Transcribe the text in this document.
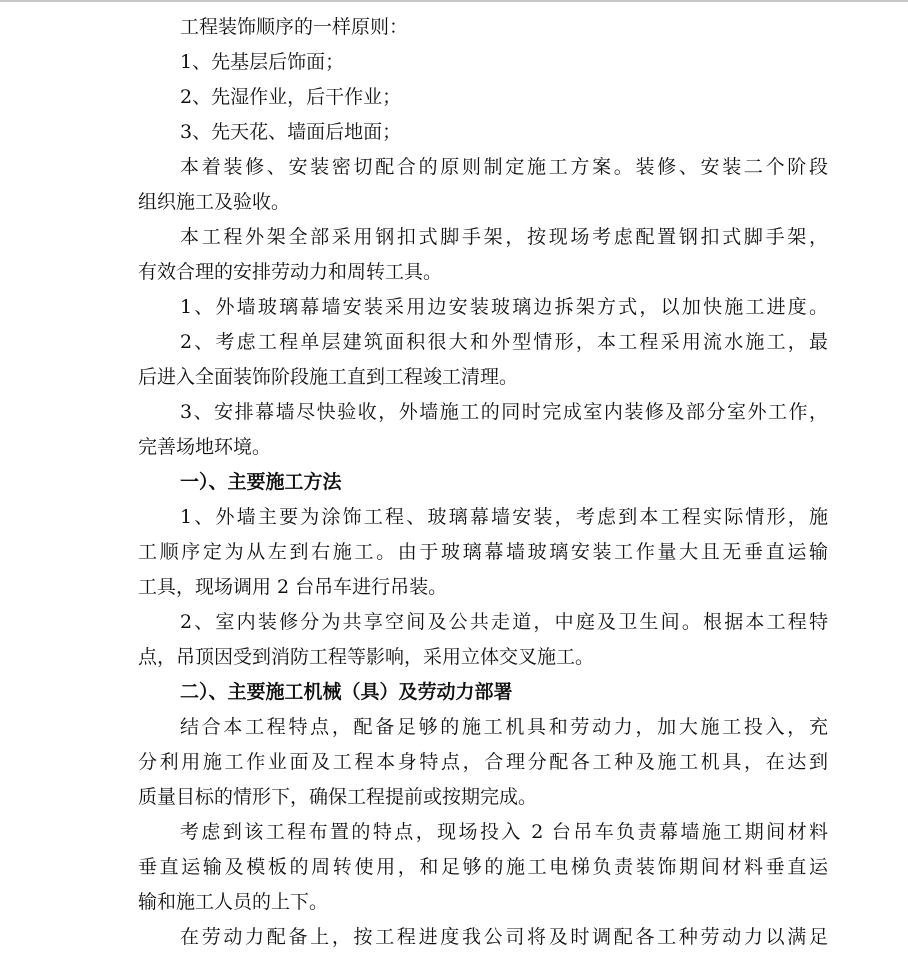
工程装饰顺序的一样原则：
1、先基层后饰面；
2、先湿作业，后干作业；
3、先天花、墙面后地面；
本着装修、安装密切配合的原则制定施工方案。装修、安装二个阶段
组织施工及验收。
本工程外架全部采用钢扣式脚手架，按现场考虑配置钢扣式脚手架，
有效合理的安排劳动力和周转工具。
1、外墙玻璃幕墙安装采用边安装玻璃边拆架方式，以加快施工进度。
2、考虑工程单层建筑面积很大和外型情形，本工程采用流水施工，最
后进入全面装饰阶段施工直到工程竣工清理。
3、安排幕墙尽快验收，外墙施工的同时完成室内装修及部分室外工作，
完善场地环境。
一）、主要施工方法
1、外墙主要为涂饰工程、玻璃幕墙安装，考虑到本工程实际情形，施
工顺序定为从左到右施工。由于玻璃幕墙玻璃安装工作量大且无垂直运输
工具，现场调用 2 台吊车进行吊装。
2、室内装修分为共享空间及公共走道，中庭及卫生间。根据本工程特
点，吊顶因受到消防工程等影响，采用立体交叉施工。
二）、主要施工机械（具）及劳动力部署
结合本工程特点，配备足够的施工机具和劳动力，加大施工投入，充
分利用施工作业面及工程本身特点，合理分配各工种及施工机具，在达到
质量目标的情形下，确保工程提前或按期完成。
考虑到该工程布置的特点，现场投入 2 台吊车负责幕墙施工期间材料
垂直运输及模板的周转使用，和足够的施工电梯负责装饰期间材料垂直运
输和施工人员的上下。
在劳动力配备上，按工程进度我公司将及时调配各工种劳动力以满足
